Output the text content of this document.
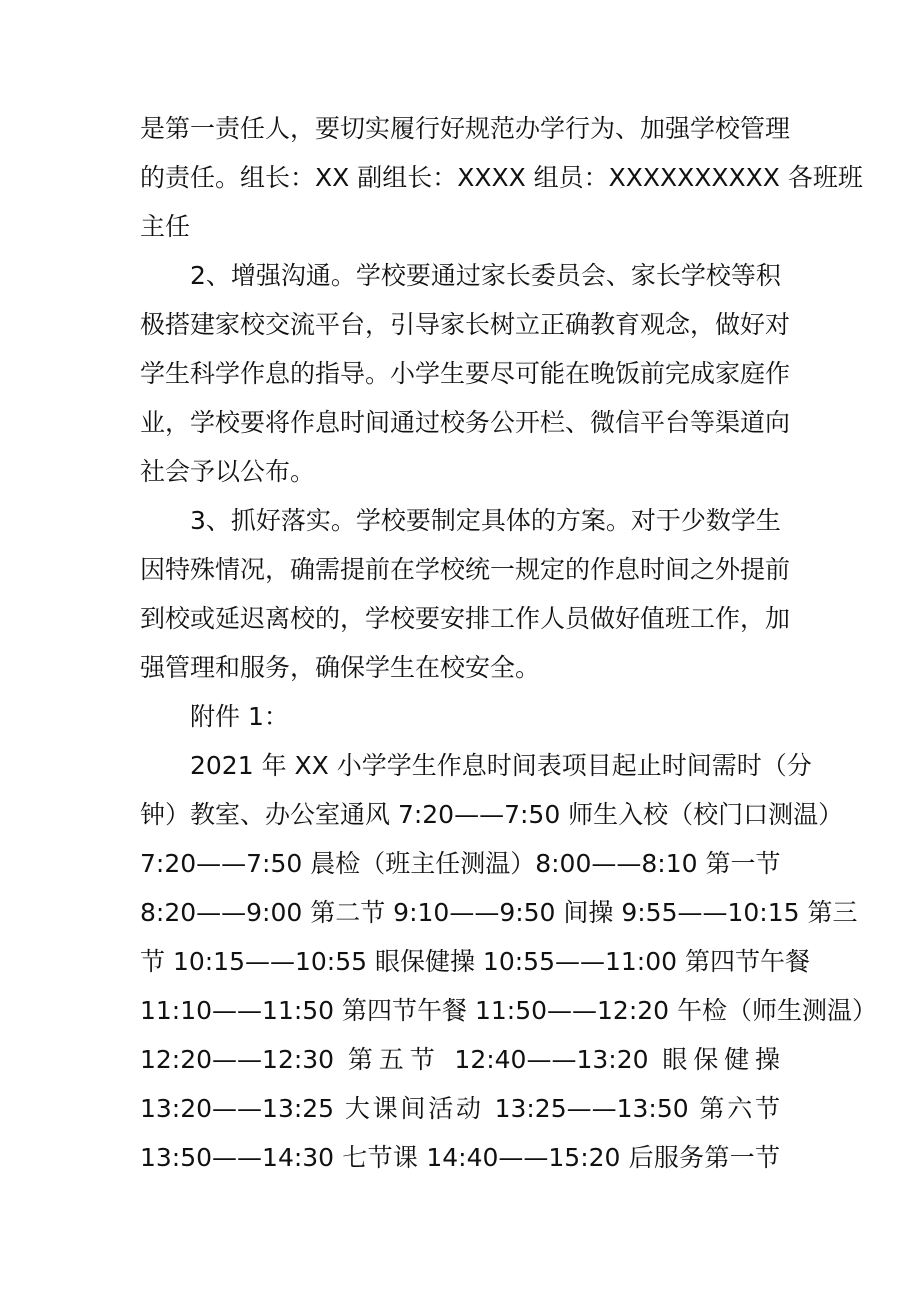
是第一责任人，要切实履行好规范办学行为、加强学校管理
的责任。组长：XX 副组长：XXXX 组员：XXXXXXXXXX 各班班
主任
2、增强沟通。学校要通过家长委员会、家长学校等积
极搭建家校交流平台，引导家长树立正确教育观念，做好对
学生科学作息的指导。小学生要尽可能在晚饭前完成家庭作
业，学校要将作息时间通过校务公开栏、微信平台等渠道向
社会予以公布。
3、抓好落实。学校要制定具体的方案。对于少数学生
因特殊情况，确需提前在学校统一规定的作息时间之外提前
到校或延迟离校的，学校要安排工作人员做好值班工作，加
强管理和服务，确保学生在校安全。
附件 1：
2021 年 XX 小学学生作息时间表项目起止时间需时（分
钟）教室、办公室通风 7:20——7:50 师生入校（校门口测温）
7:20——7:50 晨检（班主任测温）8:00——8:10 第一节
8:20——9:00 第二节 9:10——9:50 间操 9:55——10:15 第三
节 10:15——10:55 眼保健操 10:55——11:00 第四节午餐
11:10——11:50 第四节午餐 11:50——12:20 午检（师生测温）
12:20——12:30 第五节 12:40——13:20 眼保健操
13:20——13:25 大课间活动 13:25——13:50 第六节
13:50——14:30 七节课 14:40——15:20 后服务第一节
